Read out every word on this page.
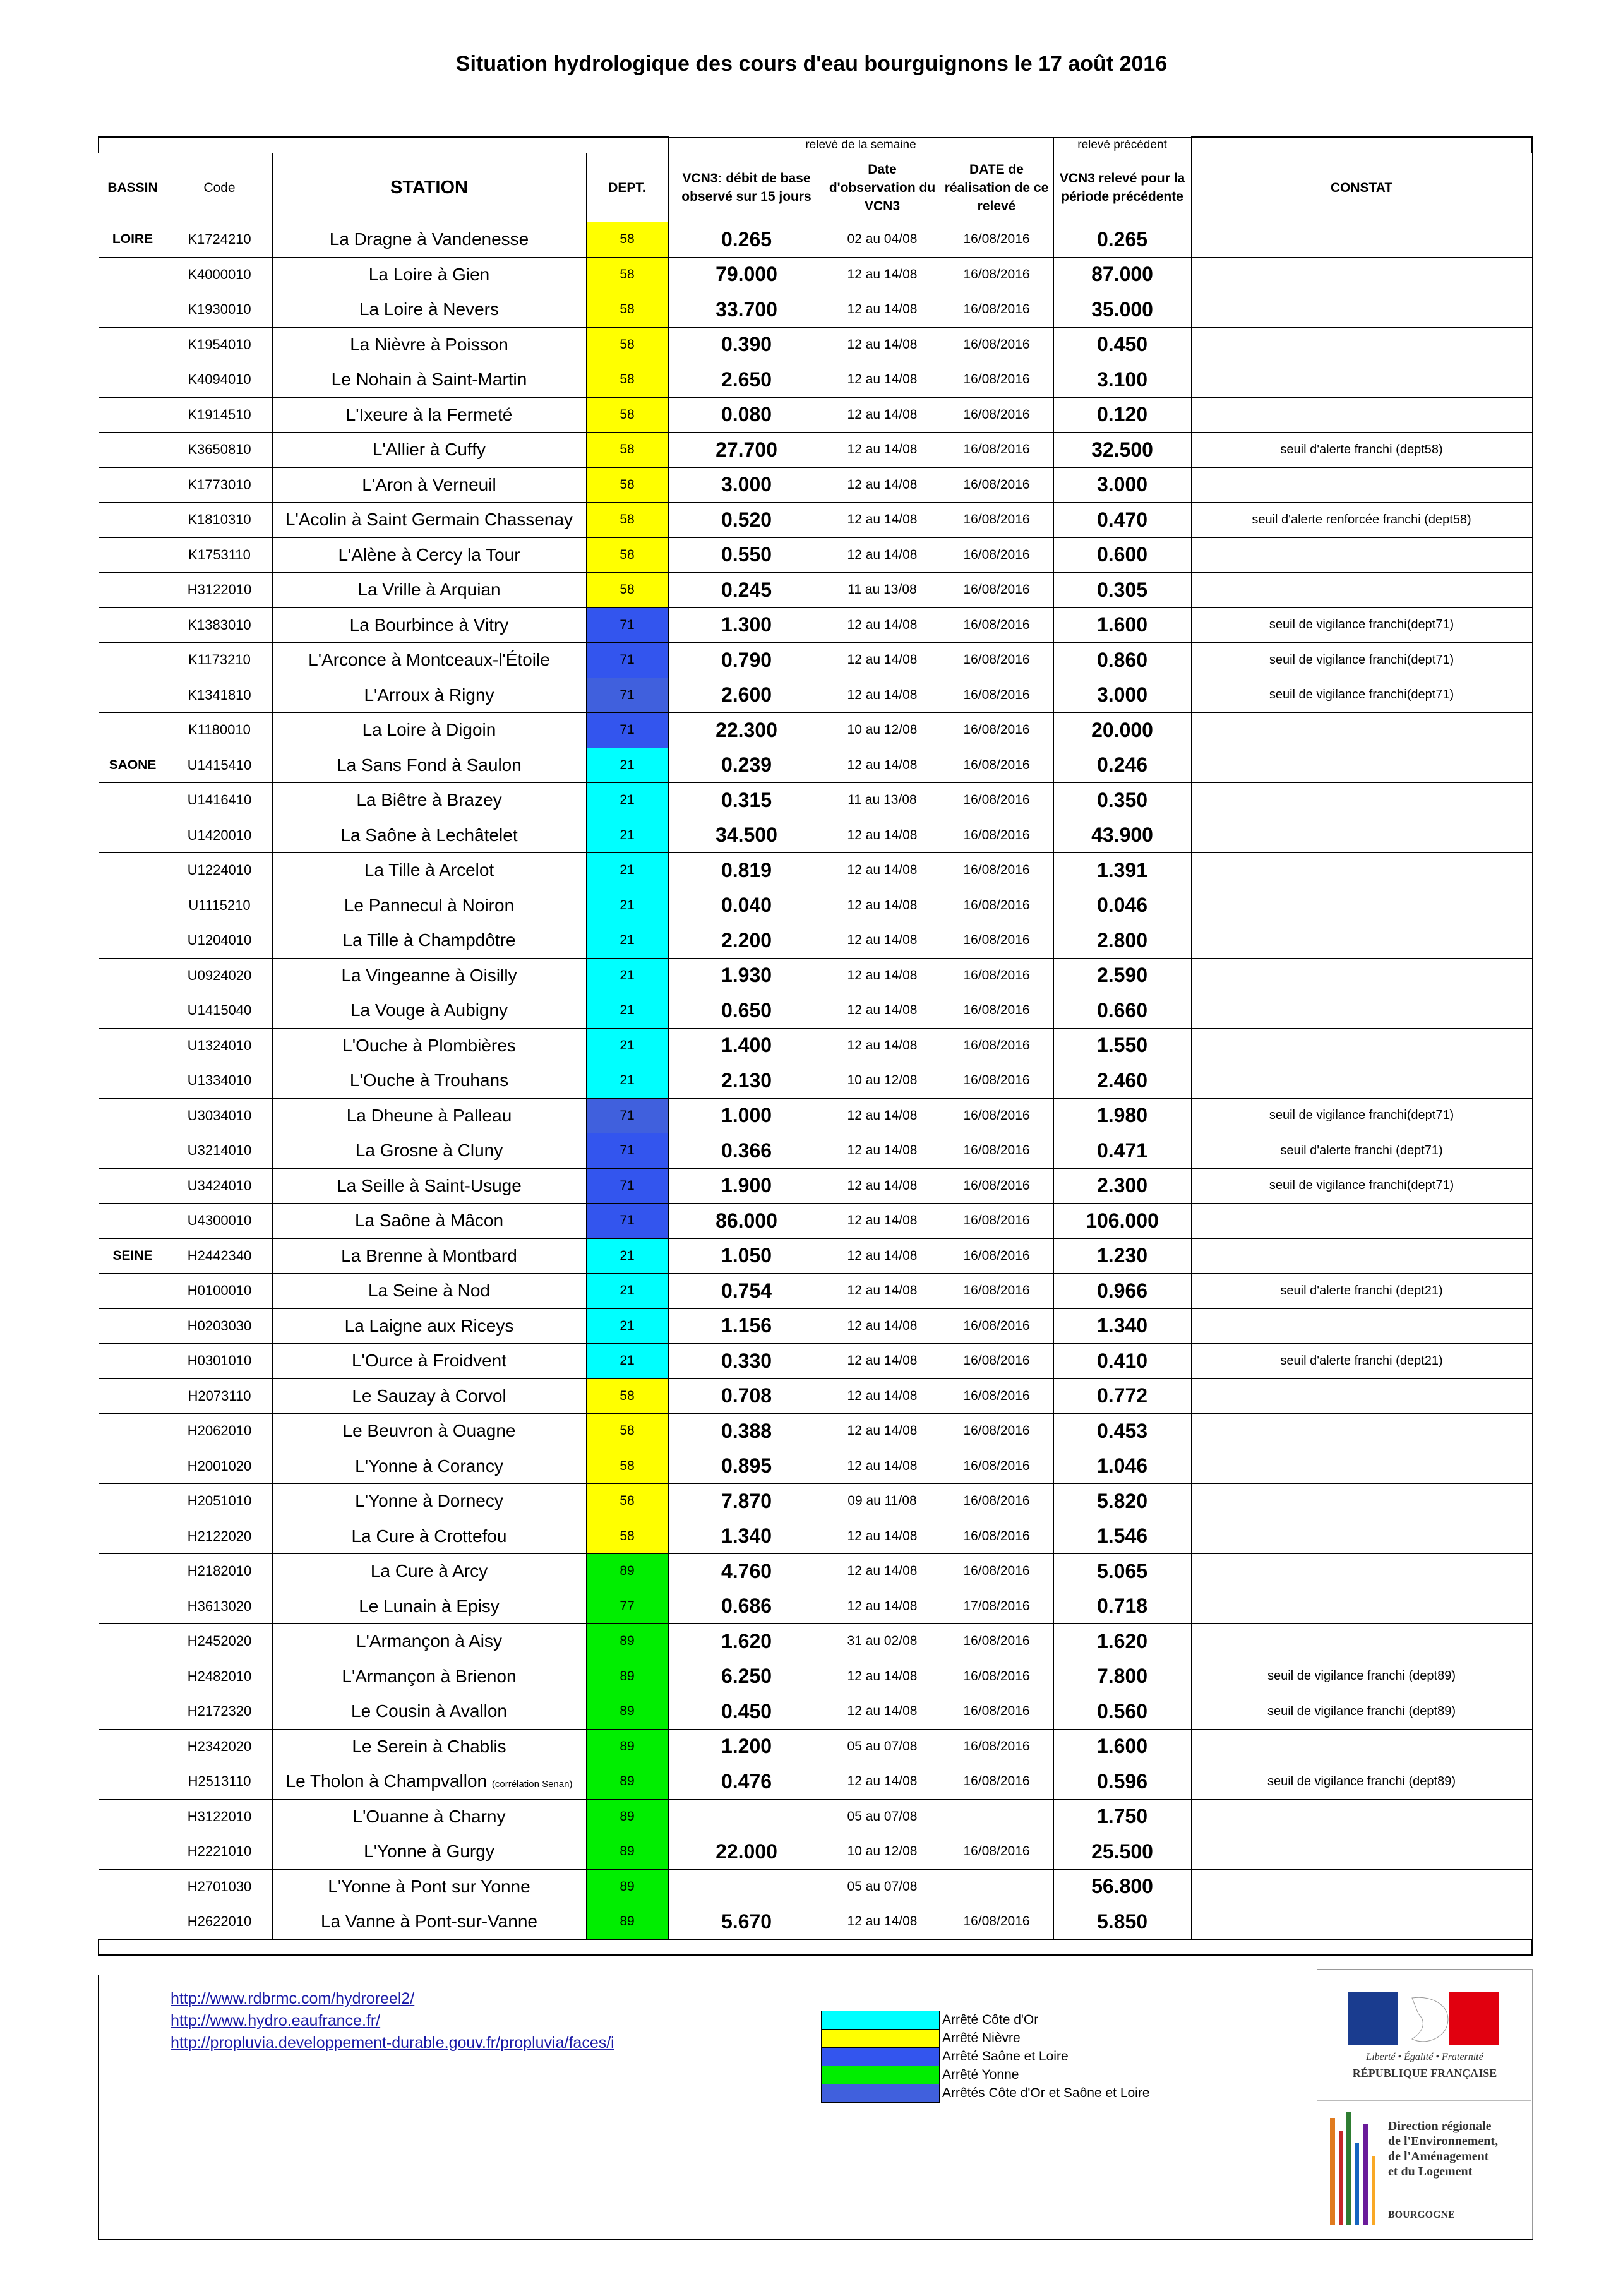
Situation hydrologique des cours d'eau bourguignons le 17 août 2016
				relevé de la semaine			relevé précédent	
BASSIN	Code	STATION	DEPT.	VCN3: débit de base observé sur 15 jours	Date d'observation du VCN3	DATE de réalisation de ce relevé	VCN3 relevé pour la période précédente	CONSTAT
LOIRE	K1724210	La Dragne à Vandenesse	58	0.265	02 au 04/08	16/08/2016	0.265	
	K4000010	La Loire à Gien	58	79.000	12 au 14/08	16/08/2016	87.000	
	K1930010	La Loire à Nevers	58	33.700	12 au 14/08	16/08/2016	35.000	
	K1954010	La Nièvre à Poisson	58	0.390	12 au 14/08	16/08/2016	0.450	
	K4094010	Le Nohain à Saint-Martin	58	2.650	12 au 14/08	16/08/2016	3.100	
	K1914510	L'Ixeure à la Fermeté	58	0.080	12 au 14/08	16/08/2016	0.120	
	K3650810	L'Allier à Cuffy	58	27.700	12 au 14/08	16/08/2016	32.500	seuil d'alerte franchi (dept58)
	K1773010	L'Aron à Verneuil	58	3.000	12 au 14/08	16/08/2016	3.000	
	K1810310	L'Acolin à Saint Germain Chassenay	58	0.520	12 au 14/08	16/08/2016	0.470	seuil d'alerte renforcée franchi (dept58)
	K1753110	L'Alène à Cercy la Tour	58	0.550	12 au 14/08	16/08/2016	0.600	
	H3122010	La Vrille à Arquian	58	0.245	11 au 13/08	16/08/2016	0.305	
	K1383010	La Bourbince à Vitry	71	1.300	12 au 14/08	16/08/2016	1.600	seuil de vigilance franchi(dept71)
	K1173210	L'Arconce à Montceaux-l'Étoile	71	0.790	12 au 14/08	16/08/2016	0.860	seuil de vigilance franchi(dept71)
	K1341810	L'Arroux à Rigny	71	2.600	12 au 14/08	16/08/2016	3.000	seuil de vigilance franchi(dept71)
	K1180010	La Loire à Digoin	71	22.300	10 au 12/08	16/08/2016	20.000	
SAONE	U1415410	La Sans Fond à Saulon	21	0.239	12 au 14/08	16/08/2016	0.246	
	U1416410	La Biêtre à Brazey	21	0.315	11 au 13/08	16/08/2016	0.350	
	U1420010	La Saône à Lechâtelet	21	34.500	12 au 14/08	16/08/2016	43.900	
	U1224010	La Tille à Arcelot	21	0.819	12 au 14/08	16/08/2016	1.391	
	U1115210	Le Pannecul à Noiron	21	0.040	12 au 14/08	16/08/2016	0.046	
	U1204010	La Tille à Champdôtre	21	2.200	12 au 14/08	16/08/2016	2.800	
	U0924020	La Vingeanne à Oisilly	21	1.930	12 au 14/08	16/08/2016	2.590	
	U1415040	La Vouge à Aubigny	21	0.650	12 au 14/08	16/08/2016	0.660	
	U1324010	L'Ouche à Plombières	21	1.400	12 au 14/08	16/08/2016	1.550	
	U1334010	L'Ouche à Trouhans	21	2.130	10 au 12/08	16/08/2016	2.460	
	U3034010	La Dheune à Palleau	71	1.000	12 au 14/08	16/08/2016	1.980	seuil de vigilance franchi(dept71)
	U3214010	La Grosne à Cluny	71	0.366	12 au 14/08	16/08/2016	0.471	seuil d'alerte franchi (dept71)
	U3424010	La Seille à Saint-Usuge	71	1.900	12 au 14/08	16/08/2016	2.300	seuil de vigilance franchi(dept71)
	U4300010	La Saône à Mâcon	71	86.000	12 au 14/08	16/08/2016	106.000	
SEINE	H2442340	La Brenne à Montbard	21	1.050	12 au 14/08	16/08/2016	1.230	
	H0100010	La Seine à Nod	21	0.754	12 au 14/08	16/08/2016	0.966	seuil d'alerte franchi (dept21)
	H0203030	La Laigne aux Riceys	21	1.156	12 au 14/08	16/08/2016	1.340	
	H0301010	L'Ource à Froidvent	21	0.330	12 au 14/08	16/08/2016	0.410	seuil d'alerte franchi (dept21)
	H2073110	Le Sauzay à Corvol	58	0.708	12 au 14/08	16/08/2016	0.772	
	H2062010	Le Beuvron à Ouagne	58	0.388	12 au 14/08	16/08/2016	0.453	
	H2001020	L'Yonne à Corancy	58	0.895	12 au 14/08	16/08/2016	1.046	
	H2051010	L'Yonne à Dornecy	58	7.870	09 au 11/08	16/08/2016	5.820	
	H2122020	La Cure à Crottefou	58	1.340	12 au 14/08	16/08/2016	1.546	
	H2182010	La Cure à Arcy	89	4.760	12 au 14/08	16/08/2016	5.065	
	H3613020	Le Lunain à Episy	77	0.686	12 au 14/08	17/08/2016	0.718	
	H2452020	L'Armançon à Aisy	89	1.620	31 au 02/08	16/08/2016	1.620	
	H2482010	L'Armançon à Brienon	89	6.250	12 au 14/08	16/08/2016	7.800	seuil de vigilance franchi (dept89)
	H2172320	Le Cousin à Avallon	89	0.450	12 au 14/08	16/08/2016	0.560	seuil de vigilance franchi (dept89)
	H2342020	Le Serein à Chablis	89	1.200	05 au 07/08	16/08/2016	1.600	
	H2513110	Le Tholon à Champvallon (corrélation Senan)	89	0.476	12 au 14/08	16/08/2016	0.596	seuil de vigilance franchi (dept89)
	H3122010	L'Ouanne à Charny	89		05 au 07/08		1.750	
	H2221010	L'Yonne à Gurgy	89	22.000	10 au 12/08	16/08/2016	25.500	
	H2701030	L'Yonne à Pont sur Yonne	89		05 au 07/08		56.800	
	H2622010	La Vanne à Pont-sur-Vanne	89	5.670	12 au 14/08	16/08/2016	5.850	

http://www.rdbrmc.com/hydroreel2/
http://www.hydro.eaufrance.fr/
http://propluvia.developpement-durable.gouv.fr/propluvia/faces/i
	Arrêté Côte d'Or
	Arrêté Nièvre
	Arrêté Saône et Loire
	Arrêté Yonne
	Arrêtés Côte d'Or et Saône et Loire
Liberté • Égalité • Fraternité
RÉPUBLIQUE FRANÇAISE
Direction régionale
de l'Environnement,
de l'Aménagement
et du Logement
BOURGOGNE
